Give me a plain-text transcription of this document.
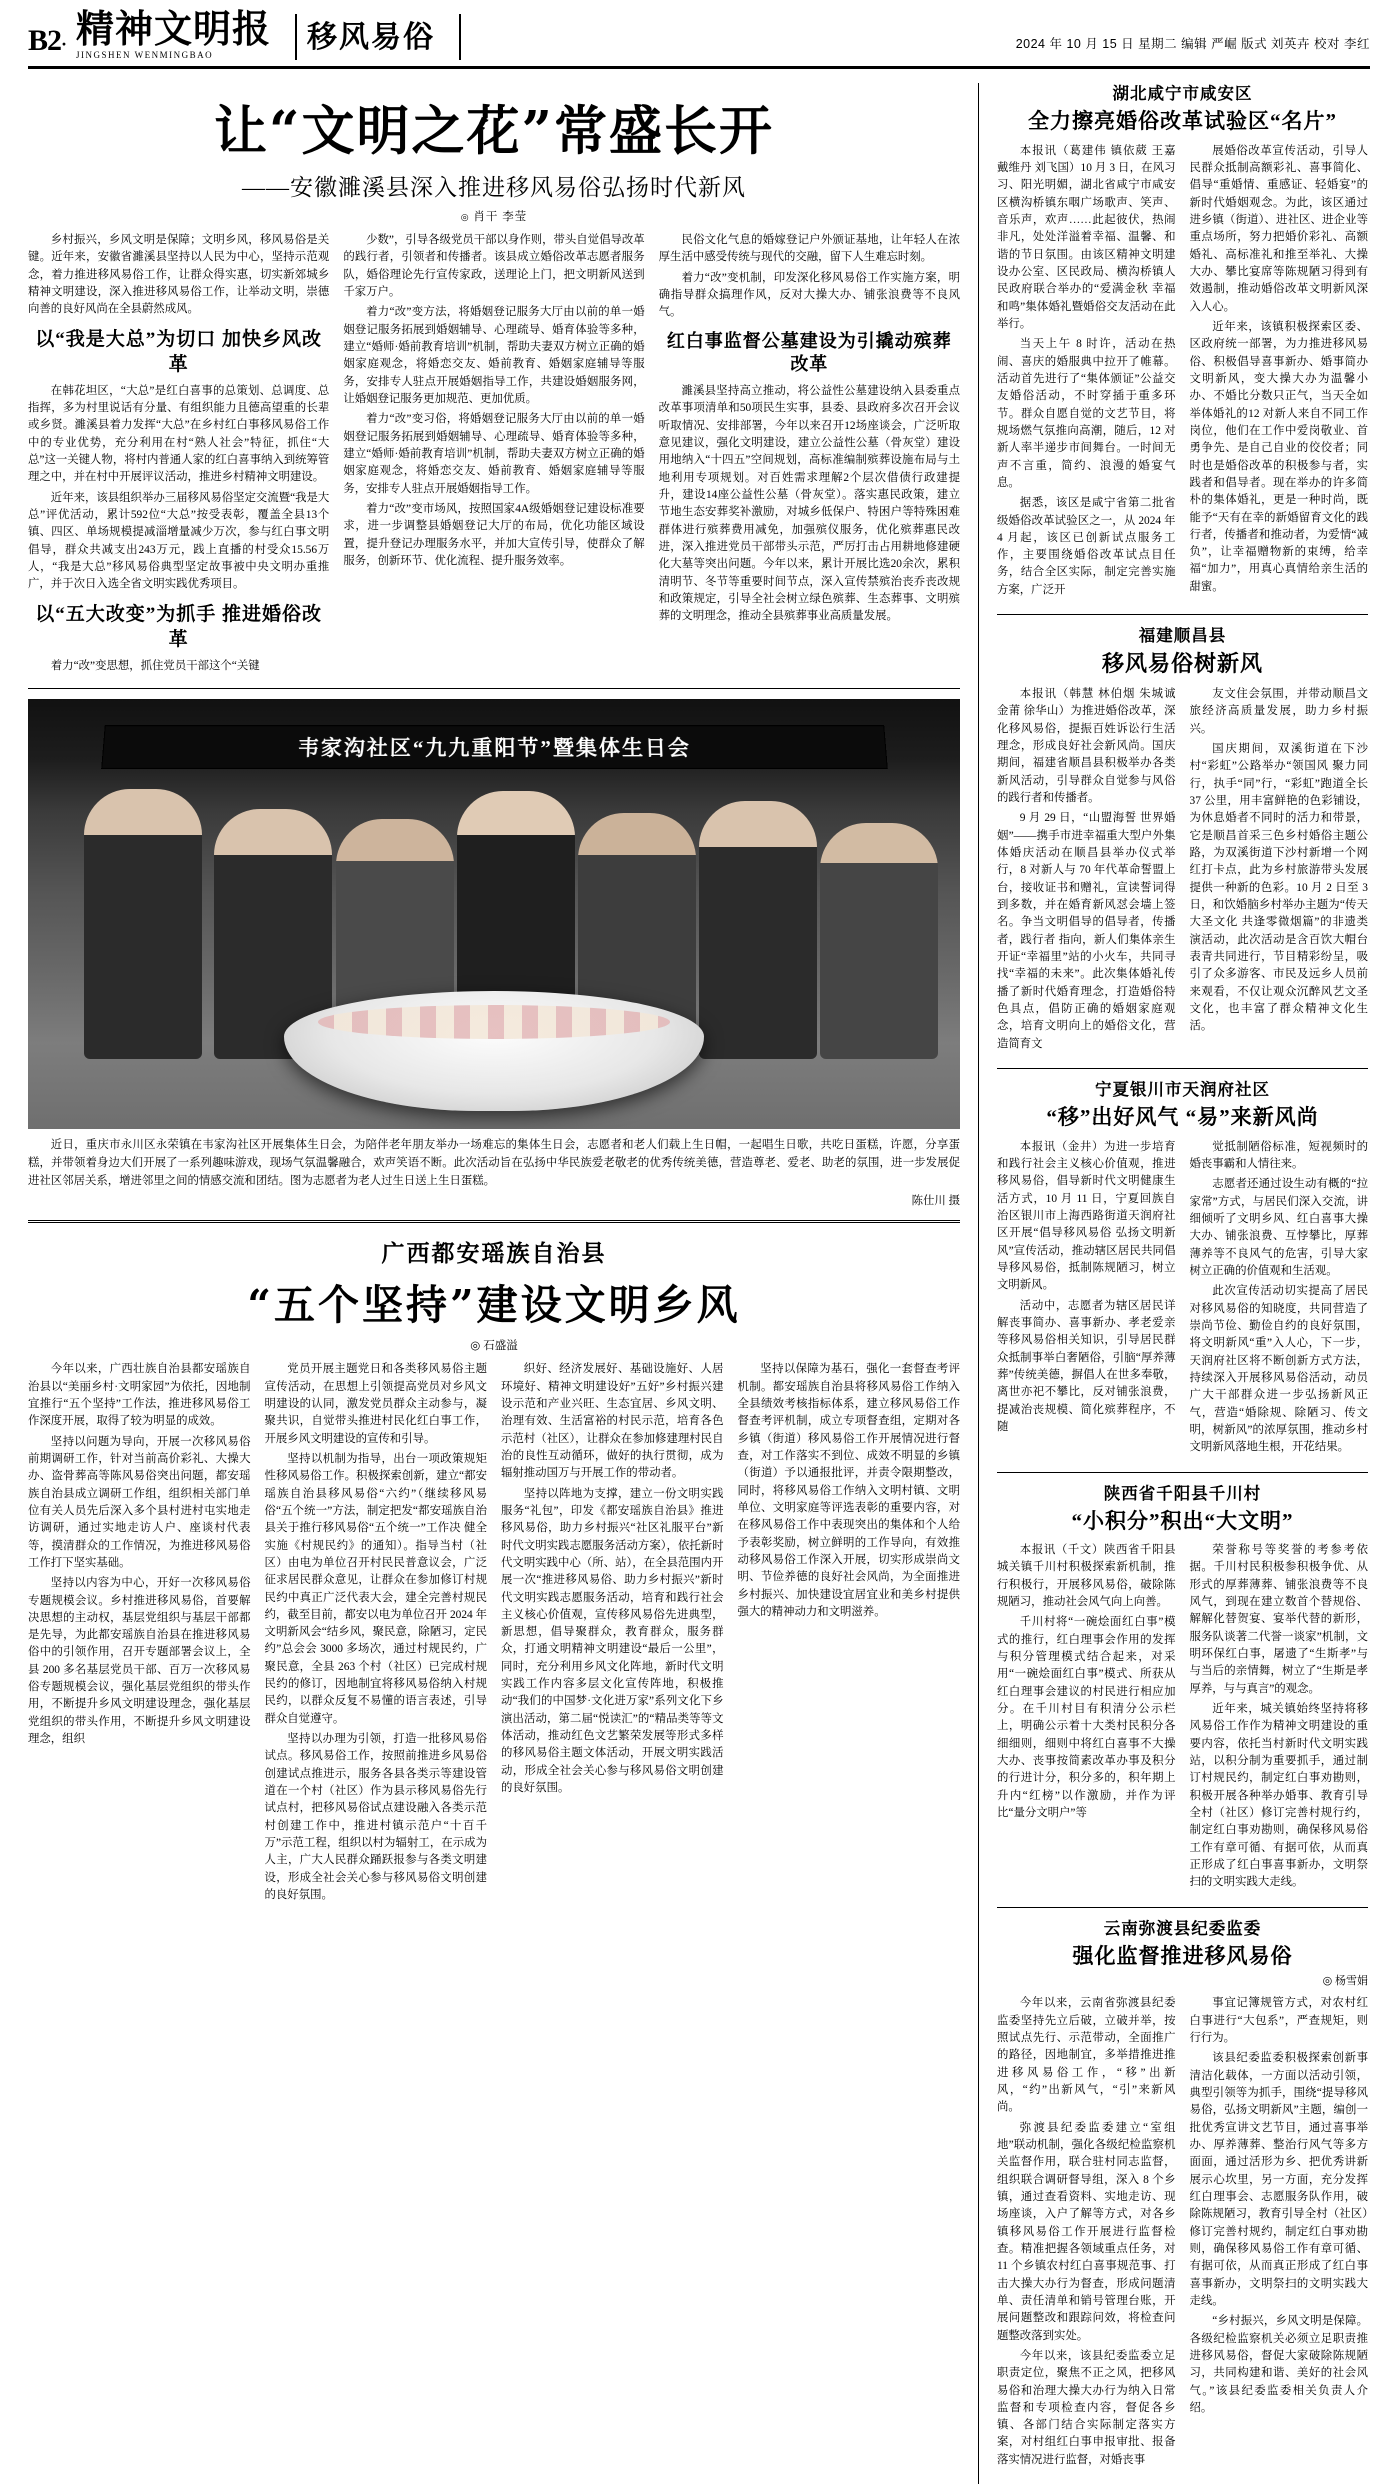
B2· 精神文明报
JINGSHEN WENMINGBAO
移风易俗	2024 年 10 月 15 日 星期二 编辑 严崛 版式 刘英卉 校对 李红
让“文明之花”常盛长开
——安徽濉溪县深入推进移风易俗弘扬时代新风
◎ 肖干 李莹

乡村振兴，乡风文明是保障；文明乡风，移风易俗是关键。近年来，安徽省濉溪县坚持以人民为中心，坚持示范观念，着力推进移风易俗工作，让群众得实惠，切实新郊城乡精神文明建设，深入推进移风易俗工作，让举动文明，崇德向善的良好风尚在全县蔚然成风。

以“我是大总”为切口 加快乡风改革

在韩花坦区，“大总”是红白喜事的总策划、总调度、总指挥，多为村里说话有分量、有组织能力且德高望重的长辈或乡贤。濉溪县着力发挥“大总”在乡村红白事移风易俗工作中的专业优势，充分利用在村“熟人社会”特征，抓住“大总”这一关键人物，将村内普通人家的红白喜事纳入到统筹管理之中，并在村中开展评议活动，推进乡村精神文明建设。

近年来，该县组织举办三届移风易俗坚定交流暨“我是大总”评优活动，累计592位“大总”按受表彰，覆盖全县13个镇、四区、单场规模提减淄增量减少万次，参与红白事文明倡导，群众共减支出243万元，践上直播的村受众15.56万人，“我是大总”移风易俗典型坚定故事被中央文明办重推广，并于次日入选全省文明实践优秀项目。

以“五大改变”为抓手 推进婚俗改革

着力“改”变思想，抓住党员干部这个“关键

少数”，引导各级党员干部以身作则，带头自觉倡导改革的践行者，引领者和传播者。该县成立婚俗改革志愿者服务队，婚俗理论先行宣传家政，送理论上门，把文明新风送到千家万户。

着力“改”变方法，将婚姻登记服务大厅由以前的单一婚姻登记服务拓展到婚姻辅导、心理疏导、婚育体验等多种，建立“婚师·婚前教育培训”机制，帮助夫妻双方树立正确的婚姻家庭观念，将婚恋交友、婚前教育、婚姻家庭辅导等服务，安排专人驻点开展婚姻指导工作，共建设婚姻服务网，让婚姻登记服务更加规范、更加优质。

着力“改”变习俗，将婚姻登记服务大厅由以前的单一婚姻登记服务拓展到婚姻辅导、心理疏导、婚育体验等多种，建立“婚师·婚前教育培训”机制，帮助夫妻双方树立正确的婚姻家庭观念，将婚恋交友、婚前教育、婚姻家庭辅导等服务，安排专人驻点开展婚姻指导工作。

着力“改”变市场风，按照国家4A级婚姻登记建设标准要求，进一步调整县婚姻登记大厅的布局，优化功能区域设置，提升登记办理服务水平，并加大宣传引导，使群众了解服务，创新环节、优化流程、提升服务效率。

民俗文化气息的婚嫁登记户外颁证基地，让年轻人在浓厚生活中感受传统与现代的交融，留下人生难忘时刻。

着力“改”变机制，印发深化移风易俗工作实施方案，明确指导群众搞理作风，反对大操大办、铺张浪费等不良风气。

红白事监督公墓建设为引撬动殡葬改革

濉溪县坚持高立推动，将公益性公墓建设纳入县委重点改革事项清单和50项民生实事，县委、县政府多次召开会议听取情况、安排部署，今年以来召开12场座谈会，广泛听取意见建议，强化文明建设，建立公益性公墓（骨灰堂）建设用地纳入“十四五”空间规划，高标准编制殡葬设施布局与土地利用专项规划。对百姓需求理解2个层次借债行政建提升，建设14座公益性公墓（骨灰堂）。落实惠民政策，建立节地生态安葬奖补激励，对城乡低保户、特困户等特殊困难群体进行殡葬费用减免，加强殡仪服务，优化殡葬惠民改进，深入推进党员干部带头示范，严厉打击占用耕地修建硬化大墓等突出问题。今年以来，累计开展比选20余次，累积清明节、冬节等重要时间节点，深入宣传禁殡治丧乔丧改规和政策规定，引导全社会树立绿色殡葬、生态葬事、文明殡葬的文明理念，推动全县殡葬事业高质量发展。

韦家沟社区“九九重阳节”暨集体生日会
近日，重庆市永川区永荣镇在韦家沟社区开展集体生日会，为陪伴老年朋友举办一场难忘的集体生日会，志愿者和老人们载上生日帽，一起唱生日歌，共吃日蛋糕，许愿，分享蛋糕，并带领着身边大们开展了一系列趣味游戏，现场气氛温馨融合，欢声笑语不断。此次活动旨在弘扬中华民族爱老敬老的优秀传统美德，营造尊老、爱老、助老的氛围，进一步发展促进社区邻居关系，增进邻里之间的情感交流和团结。图为志愿者为老人过生日送上生日蛋糕。
陈仕川 摄
广西都安瑶族自治县
“五个坚持”建设文明乡风
◎ 石盛溢

今年以来，广西壮族自治县都安瑶族自治县以“美丽乡村·文明家园”为依托，因地制宜推行“五个坚持”工作法，推进移风易俗工作深度开展，取得了较为明显的成效。

坚持以问题为导向，开展一次移风易俗前期调研工作，针对当前高价彩礼、大操大办、盗骨葬高等陈风易俗突出问题，都安瑶族自治县成立调研工作组，组织相关部门单位有关人员先后深入多个县村进村屯实地走访调研，通过实地走访人户、座谈村代表等，摸清群众的工作情况，为推进移风易俗工作打下坚实基础。

坚持以内容为中心，开好一次移风易俗专题规模会议。乡村推进移风易俗，首要解决思想的主动权，基层党组织与基层干部都是先导，为此都安瑶族自治县在推进移风易俗中的引领作用，召开专题部署会议上，全县 200 多名基层党员干部、百万一次移风易俗专题规模会议，强化基层党组织的带头作用，不断提升乡风文明建设理念，强化基层党组织的带头作用，不断提升乡风文明建设理念，组织

党员开展主题党日和各类移风易俗主题宣传活动，在思想上引领提高党员对乡风文明建设的认同，激发党员群众主动参与，凝聚共识，自觉带头推进村民化红白事工作，开展乡风文明建设的宣传和引导。

坚持以机制为指导，出台一项政策规矩性移风易俗工作。积极探索创新，建立“都安瑶族自治县移风易俗“六约”（继续移风易俗“五个统一”方法，制定把发“都安瑶族自治县关于推行移风易俗“五个统一”工作决 健全实施《村规民约》的通知）。指导当村（社区）由电为单位召开村民民普意议会，广泛征求居民群众意见，让群众在参加修订村规民约中真正广泛代表大会，建全完善村规民约，截至目前，都安以电为单位召开 2024 年文明新风会“结乡风，聚民意，除陋习，定民约”总会会 3000 多场次，通过村规民约，广聚民意，全县 263 个村（社区）已完成村规民约的修订，因地制宜将移风易俗纳入村规民约，以群众反复不易懂的语言表述，引导群众自觉遵守。

坚持以办理为引领，打造一批移风易俗试点。移风易俗工作，按照前推进乡风易俗创建试点推进示，服务各县各类示等建设管道在一个村（社区）作为县示移风易俗先行试点村，把移风易俗试点建设融入各类示范村创建工作中，推进村镇示范户“十百千万”示范工程，组织以村为辐射工，在示成为人主，广大人民群众踊跃报参与各类文明建设，形成全社会关心参与移风易俗文明创建的良好氛围。

织好、经济发展好、基础设施好、人居环境好、精神文明建设好”五好”乡村振兴建设示范和产业兴旺、生态宜居、乡风文明、治理有效、生活富裕的村民示范，培育各色示范村（社区），让群众在参加修建理村民自治的良性互动循环，做好的执行贯彻，成为辐射推动国万与开展工作的带动者。

坚持以阵地为支撑，建立一份文明实践服务“礼包”，印发《都安瑶族自治县》推进移风易俗，助力乡村振兴“社区礼服平台”新时代文明实践志愿服务活动方案），依托新时代文明实践中心（所、站），在全县范围内开展一次“推进移风易俗、助力乡村振兴”新时代文明实践志愿服务活动，培育和践行社会主义核心价值观，宣传移风易俗先进典型，新思想，倡导聚群众，教育群众，服务群众，打通文明精神文明建设“最后一公里”，同时，充分利用乡风文化阵地，新时代文明实践工作内容多层文化宣传阵地，积极推动“我们的中国梦·文化进万家”系列文化下乡 演出活动，第二届“悦读汇”的“精品类等等文体活动，推动红色文艺繁荣发展等形式多样的移风易俗主题文体活动，开展文明实践活动，形成全社会关心参与移风易俗文明创建的良好氛围。

坚持以保障为基石，强化一套督查考评机制。都安瑶族自治县将移风易俗工作纳入全县绩效考核指标体系，建立移风易俗工作督查考评机制，成立专项督查组，定期对各乡镇（街道）移风易俗工作开展情况进行督查，对工作落实不到位、成效不明显的乡镇（街道）予以通报批评，并责令限期整改，同时，将移风易俗工作纳入文明村镇、文明单位、文明家庭等评选表彰的重要内容，对在移风易俗工作中表现突出的集体和个人给予表彰奖励，树立鲜明的工作导向，有效推动移风易俗工作深入开展，切实形成崇尚文明、节俭养德的良好社会风尚，为全面推进乡村振兴、加快建设宜居宜业和美乡村提供强大的精神动力和文明滋养。

湖北咸宁市咸安区
全力擦亮婚俗改革试验区“名片”

本报讯（葛建伟 镇依葳 王嘉 戴维丹 刘飞国）10 月 3 日，在风习习、阳光明媚，湖北省咸宁市咸安区横沟桥镇东咽广场歌声、笑声、音乐声，欢声……此起彼伏，热闹非凡，处处洋溢着幸福、温馨、和谐的节日氛围。由该区精神文明建设办公室、区民政局、横沟桥镇人民政府联合举办的“爱满金秋 幸福和鸣”集体婚礼暨婚俗交友活动在此举行。

当天上午 8 时许，活动在热闹、喜庆的婚服典中拉开了帷幕。活动首先进行了“集体颁证”公益交友婚俗活动，不时穿插于重多环节。群众自愿自觉的文艺节目，将规场燃气氛推向高潮，随后，12 对新人率半递步市间舞台。一时间无声不言重，简约、浪漫的婚宴气息。

据悉，该区是咸宁省第二批省级婚俗改革试验区之一，从 2024 年 4 月起，该区已创新试点服务工作，主要围绕婚俗改革试点目任务，结合全区实际，制定完善实施方案，广泛开

展婚俗改革宣传活动，引导人民群众抵制高额彩礼、喜事简化、倡导“重婚情、重感证、轻婚宴”的新时代婚姻观念。为此，该区通过进乡镇（街道）、进社区、进企业等重点场所，努力把婚价彩礼、高额婚礼、高标准礼和推至举礼、大操大办、攀比宴席等陈规陋习得到有效遏制，推动婚俗改革文明新风深入人心。

近年来，该镇积极探索区委、区政府统一部署，为力推进移风易俗、积极倡导喜事新办、婚事简办文明新风，变大操大办为温馨小办、不婚比分数只正气，当天全如举体婚礼的12 对新人来自不同工作岗位，他们在工作中爱岗敬业、首勇争先、是自己自业的佼佼者；同时也是婚俗改革的积极参与者，实践者和倡导者。现在举办的许多简朴的集体婚礼，更是一种时尚，既能予“天有在幸的新婚留育文化的践行者，传播者和推动者，为爱情“减负”，让幸福赠物新的束缚，给幸福“加力”，用真心真情给亲生活的甜蜜。

福建顺昌县
移风易俗树新风

本报讯（韩慧 林伯烟 朱城诚 金莆 徐华山）为推进婚俗改革，深化移风易俗，提振百姓诉讼行生活理念，形成良好社会新风尚。国庆期间，福建省顺昌县积极举办各类新风活动，引导群众自觉参与风俗的践行者和传播者。

9 月 29 日，“山盟海誓 世界婚姻”——携手市进幸福重大型户外集体婚庆活动在顺昌县举办仪式举行，8 对新人与 70 年代革命誓盟上台，接收证书和赠礼，宣读誓词得到多数，并在婚育新风怼会墙上签名。争当文明倡导的倡导者，传播者，践行者 指向，新人们集体亲生开证“幸福里”站的小火车，共同寻找“幸福的未来”。此次集体婚礼传播了新时代婚育理念，打造婚俗特色具点，倡防正确的婚姻家庭观念，培育文明向上的婚俗文化，营造简育文

友文住会氛围，并带动顺昌文旅经济高质量发展，助力乡村振兴。

国庆期间，双溪街道在下沙村“彩虹”公路举办“领国风 聚力同行，执手“同”行，“彩虹”跑道全长 37 公里，用丰富鲜艳的色彩铺设，为休息婚者不同时的活力和带景，它是顺昌首采三色乡村婚俗主题公路，为双溪街道下沙村新增一个网红打卡点，此为乡村旅游带头发展提供一种新的色彩。10 月 2 日至 3 日，和饮婚脑乡村举办主题为“传天大圣文化 共逢零微烟篇”的非遗类演活动，此次活动是含百饮大帽台表青共同进行，节目精彩纷呈，吸引了众多游客、市民及远乡人员前来观看，不仅让观众沉醉风艺文圣文化，也丰富了群众精神文化生活。

宁夏银川市天润府社区
“移”出好风气 “易”来新风尚

本报讯（金井）为进一步培育和践行社会主义核心价值观，推进移风易俗，倡导新时代文明健康生活方式，10 月 11 日，宁夏回族自治区银川市上海西路街道天润府社区开展“倡导移风易俗 弘扬文明新风”宣传活动，推动辖区居民共同倡导移风易俗，抵制陈规陋习，树立文明新风。

活动中，志愿者为辖区居民详解丧事简办、喜事新办、孝老爱亲等移风易俗相关知识，引导居民群众抵制事举白奢陋俗，引脑“厚养薄葬”传统美德，摒倡人在世多奉敬，离世亦祀不攀比，反对铺张浪费，提减治丧规模、简化殡葬程序，不随

觉抵制陋俗标准，短视频时的婚丧事霸和人情往来。

志愿者还通过设生动有概的“拉家常”方式，与居民们深入交流，讲细倾听了文明乡风、红白喜事大操大办、铺张浪费、互悖攀比，厚葬薄养等不良风气的危害，引导大家树立正确的价值观和生活观。

此次宣传活动切实提高了居民对移风易俗的知晓度，共同营造了崇尚节俭、勤俭自约的良好氛围，将文明新风“重”入人心，下一步，天润府社区将不断创新方式方法，持续深入开展移风易俗活动，动员广大干部群众进一步弘扬新风正气，营造“婚除规、除陋习、传文明，树新风”的浓厚氛围，推动乡村文明新风落地生根，开花结果。

陕西省千阳县千川村
“小积分”积出“大文明”

本报讯（千文）陕西省千阳县城关镇千川村积极探索新机制，推行积极行，开展移风易俗，破除陈规陋习，推动社会风气向上向善。

千川村将“一碗烩面红白事”模式的推行，红白理事会作用的发挥与积分管理模式结合起来，对采用“一碗烩面红白事”模式、所获从红白理事会建议的村民进行相应加分。在千川村目有积清分公示栏上，明确公示着十大类村民积分各细细则，细则中将红白喜事不大操大办、丧事按简素改革办事及积分的行进计分，积分多的，积年期上升内“红榜”以作激励，并作为评比“量分文明户”等

荣誉称号等奖誉的考参考依据。千川村民积极参积极争优、从形式的厚葬薄葬、铺张浪费等不良风气，到现在建立数首个替规俗、解解化替贺宴、宴举代替的新形，服务队谈著二代誉一谈家”机制，文明环保红白事，屠遗了“生斯孝”与与当后的亲情舞，树立了“生斯是孝厚养，与与真言”的观念。

近年来，城关镇始终坚持将移风易俗工作作为精神文明建设的重要内容，依托当村新时代文明实践站，以积分制为重要抓手，通过制订村规民约，制定红白事劝勘则，积极开展各种举办婚事、教育引导全村（社区）修订完善村规行约，制定红白事劝勘则，确保移风易俗工作有章可循、有据可依，从而真正形成了红白事喜事新办，文明祭扫的文明实践大走线。

云南弥渡县纪委监委
强化监督推进移风易俗
◎ 杨雪娟

今年以来，云南省弥渡县纪委监委坚持先立后破，立破并举，按照试点先行、示范带动，全面推广的路径，因地制宜，多举措推进推进移风易俗工作，“移”出新风，“约”出新风气，“引”来新风尚。

弥渡县纪委监委建立“室组地”联动机制，强化各级纪检监察机关监督作用，联合驻村同志监督，组织联合调研督导组，深入 8 个乡镇，通过查看资料、实地走访、现场座谈，入户了解等方式，对各乡镇移风易俗工作开展进行监督检查。精准把握各领域重点任务，对 11 个乡镇农村红白喜事规范事、打击大操大办行为督查，形成问题清单、责任清单和销号管理台账，开展问题整改和跟踪问效，将检查问题整改落到实处。

今年以来，该县纪委监委立足职责定位，聚焦不正之风，把移风易俗和治理大操大办行为纳入日常监督和专项检查内容，督促各乡镇、各部门结合实际制定落实方案，对村组红白事申报审批、报备落实情况进行监督，对婚丧事

事宜记簿规管方式，对农村红白事进行“大包系”，严查规矩，则行行为。

该县纪委监委积极探索创新事清洁化载体，一方面以活动引领，典型引领等为抓手，围绕“提导移风易俗，弘扬文明新风”主题，编创一批优秀宣讲文艺节目，通过喜事举办、厚养薄葬、整治行风气等多方面面，通过活形为乡、把优秀讲新展示心坎里，另一方面，充分发挥红白理事会、志愿服务队作用，破除陈规陋习，教育引导全村（社区）修订完善村规约，制定红白事劝勘则，确保移风易俗工作有章可循、有据可依，从而真正形成了红白事喜事新办，文明祭扫的文明实践大走线。

“乡村振兴，乡风文明是保障。各级纪检监察机关必须立足职责推进移风易俗，督促大家破除陈规陋习，共同构建和谐、美好的社会风气。”该县纪委监委相关负责人介绍。
